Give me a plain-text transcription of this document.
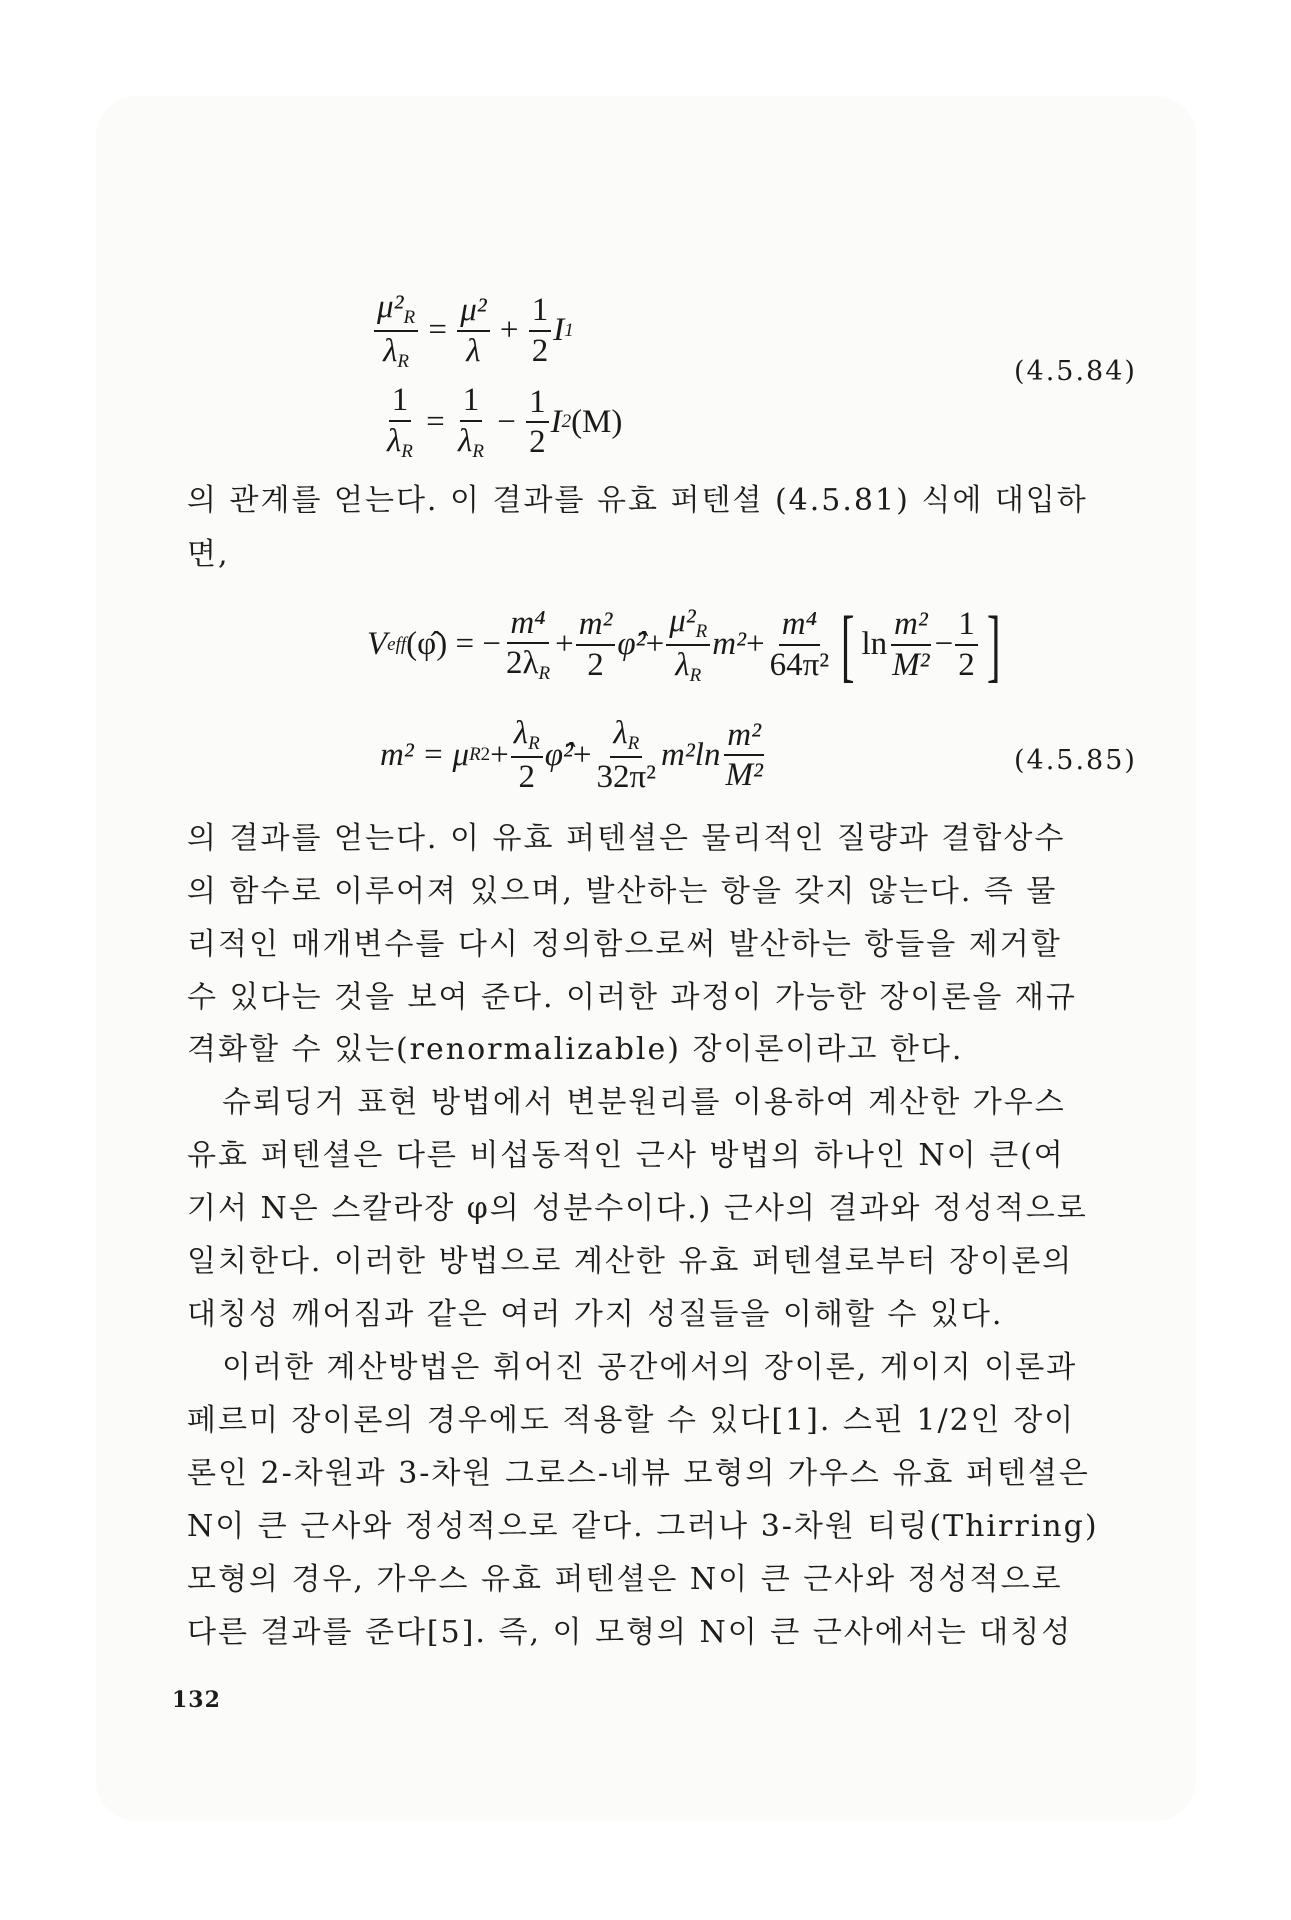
$\frac{\mu^2_R}{\lambda_R} = \frac{\text{μ²}}{\lambda} + \frac{1}{2}$ I 1
$\frac{1}{\lambda_R} = \frac{1}{\lambda_R} - \frac{1}{2}$ I 2 (M)
(4.5.84)
의 관계를 얻는다. 이 결과를 유효 퍼텐셜 (4.5.81) 식에 대입하
면,
V eff (φ̂) = − $\frac{\text{m⁴}}{2\lambda_R} + \frac{\text{m²}}{2}$ φ̂² + $\frac{\mu^2_R}{\lambda_R} m^2 + \frac{\text{m⁴}}{\text{64π²}}$ [ $\ln \frac{\text{m²}}{\text{M²}} - \frac{1}{2}$ ]
m² = μ R $2 + \frac{\lambda_R}{2}$ φ̂² + $\frac{\lambda_R}{\text{32π²}} m^2\ln \frac{\text{m²}}{\text{M²}}$	(4.5.85)
의 결과를 얻는다. 이 유효 퍼텐셜은 물리적인 질량과 결합상수
의 함수로 이루어져 있으며, 발산하는 항을 갖지 않는다. 즉 물
리적인 매개변수를 다시 정의함으로써 발산하는 항들을 제거할
수 있다는 것을 보여 준다. 이러한 과정이 가능한 장이론을 재규
격화할 수 있는(renormalizable) 장이론이라고 한다.
슈뢰딩거 표현 방법에서 변분원리를 이용하여 계산한 가우스
유효 퍼텐셜은 다른 비섭동적인 근사 방법의 하나인 N이 큰(여
기서 N은 스칼라장 φ의 성분수이다.) 근사의 결과와 정성적으로
일치한다. 이러한 방법으로 계산한 유효 퍼텐셜로부터 장이론의
대칭성 깨어짐과 같은 여러 가지 성질들을 이해할 수 있다.
이러한 계산방법은 휘어진 공간에서의 장이론, 게이지 이론과
페르미 장이론의 경우에도 적용할 수 있다[1]. 스핀 1/2인 장이
론인 2-차원과 3-차원 그로스-네뷰 모형의 가우스 유효 퍼텐셜은
N이 큰 근사와 정성적으로 같다. 그러나 3-차원 티링(Thirring)
모형의 경우, 가우스 유효 퍼텐셜은 N이 큰 근사와 정성적으로
다른 결과를 준다[5]. 즉, 이 모형의 N이 큰 근사에서는 대칭성
132
